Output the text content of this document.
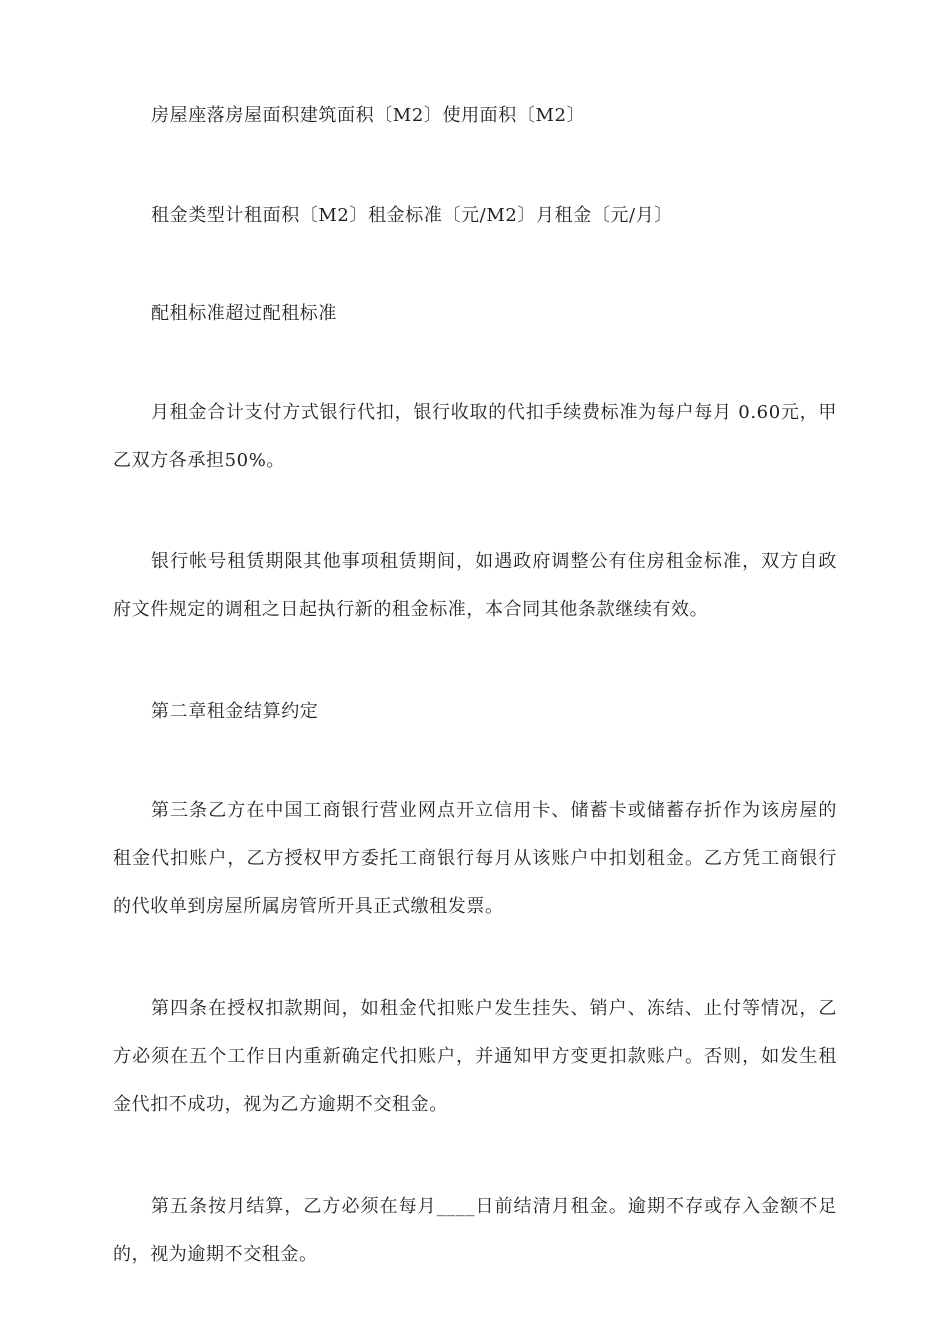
房屋座落房屋面积建筑面积〔M2〕使用面积〔M2〕

租金类型计租面积〔M2〕租金标准〔元/M2〕月租金〔元/月〕

配租标准超过配租标准

月租金合计支付方式银行代扣，银行收取的代扣手续费标准为每户每月 0.60元，甲乙双方各承担50%。

银行帐号租赁期限其他事项租赁期间，如遇政府调整公有住房租金标准，双方自政府文件规定的调租之日起执行新的租金标准，本合同其他条款继续有效。

第二章租金结算约定

第三条乙方在中国工商银行营业网点开立信用卡、储蓄卡或储蓄存折作为该房屋的租金代扣账户，乙方授权甲方委托工商银行每月从该账户中扣划租金。乙方凭工商银行的代收单到房屋所属房管所开具正式缴租发票。

第四条在授权扣款期间，如租金代扣账户发生挂失、销户、冻结、止付等情况，乙方必须在五个工作日内重新确定代扣账户，并通知甲方变更扣款账户。否则，如发生租金代扣不成功，视为乙方逾期不交租金。

第五条按月结算，乙方必须在每月____日前结清月租金。逾期不存或存入金额不足的，视为逾期不交租金。
